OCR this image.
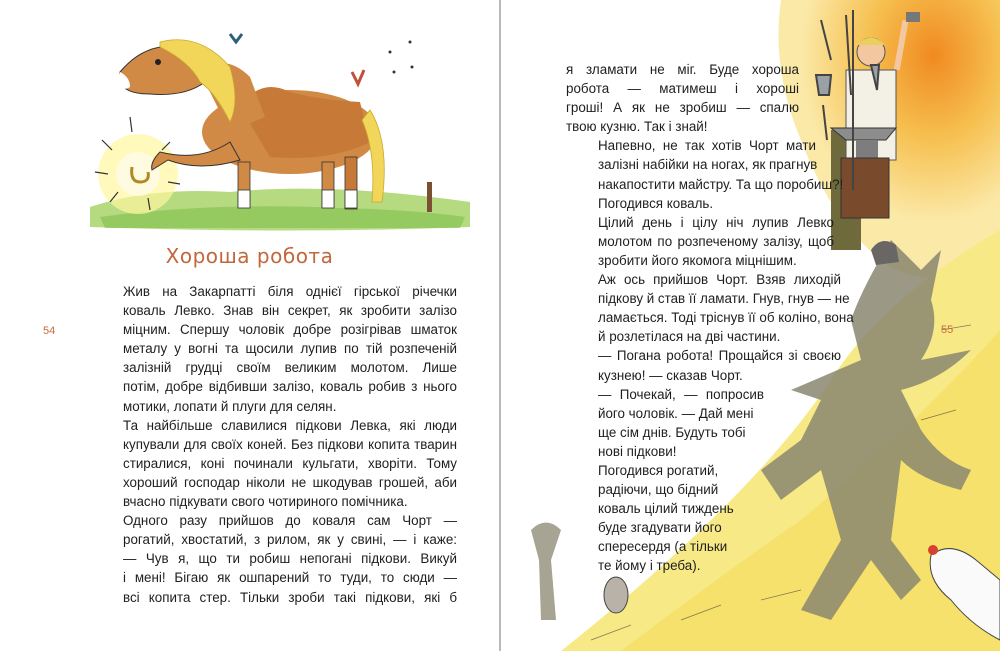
Хороша робота
54

Жив на Закарпатті біля однієї гірської річечки
коваль Левко. Знав він секрет, як зробити залізо
міцним. Спершу чоловік добре розігрівав шматок
металу у вогні та щосили лупив по тій розпеченій
залізній грудці своїм великим молотом. Лише
потім, добре відбивши залізо, коваль робив з нього
мотики, лопати й плуги для селян.

Та найбільше славилися підкови Левка, які люди
купували для своїх коней. Без підкови копита тварин
стиралися, коні починали кульгати, хворіти. Тому
хороший господар ніколи не шкодував грошей, аби
вчасно підкувати свого чотириного помічника.

Одного разу прийшов до коваля сам Чорт —
рогатий, хвостатий, з рилом, як у свині, — і каже:

— Чув я, що ти робиш непогані підкови. Викуй
і мені! Бігаю як ошпарений то туди, то сюди —
всі копита стер. Тільки зроби такі підкови, які б

55

я зламати не міг. Буде хороша
робота — матимеш і хороші
гроші! А як не зробиш — спалю
твою кузню. Так і знай!

Напевно, не так хотів Чорт мати
залізні набійки на ногах, як прагнув
накапостити майстру. Та що поробиш?!
Погодився коваль.

Цілий день і цілу ніч лупив Левко
молотом по розпеченому залізу, щоб
зробити його якомога міцнішим.

Аж ось прийшов Чорт. Взяв лиходій
підкову й став її ламати. Гнув, гнув — не
ламається. Тоді тріснув її об коліно, вона
й розлетілася на дві частини.

— Погана робота! Прощайся зі своєю
кузнею! — сказав Чорт.

— Почекай, — попросив
його чоловік. — Дай мені
ще сім днів. Будуть тобі
нові підкови!

Погодився рогатий,
радіючи, що бідний
коваль цілий тиждень
буде згадувати його
спересердя (а тільки
те йому і треба).
